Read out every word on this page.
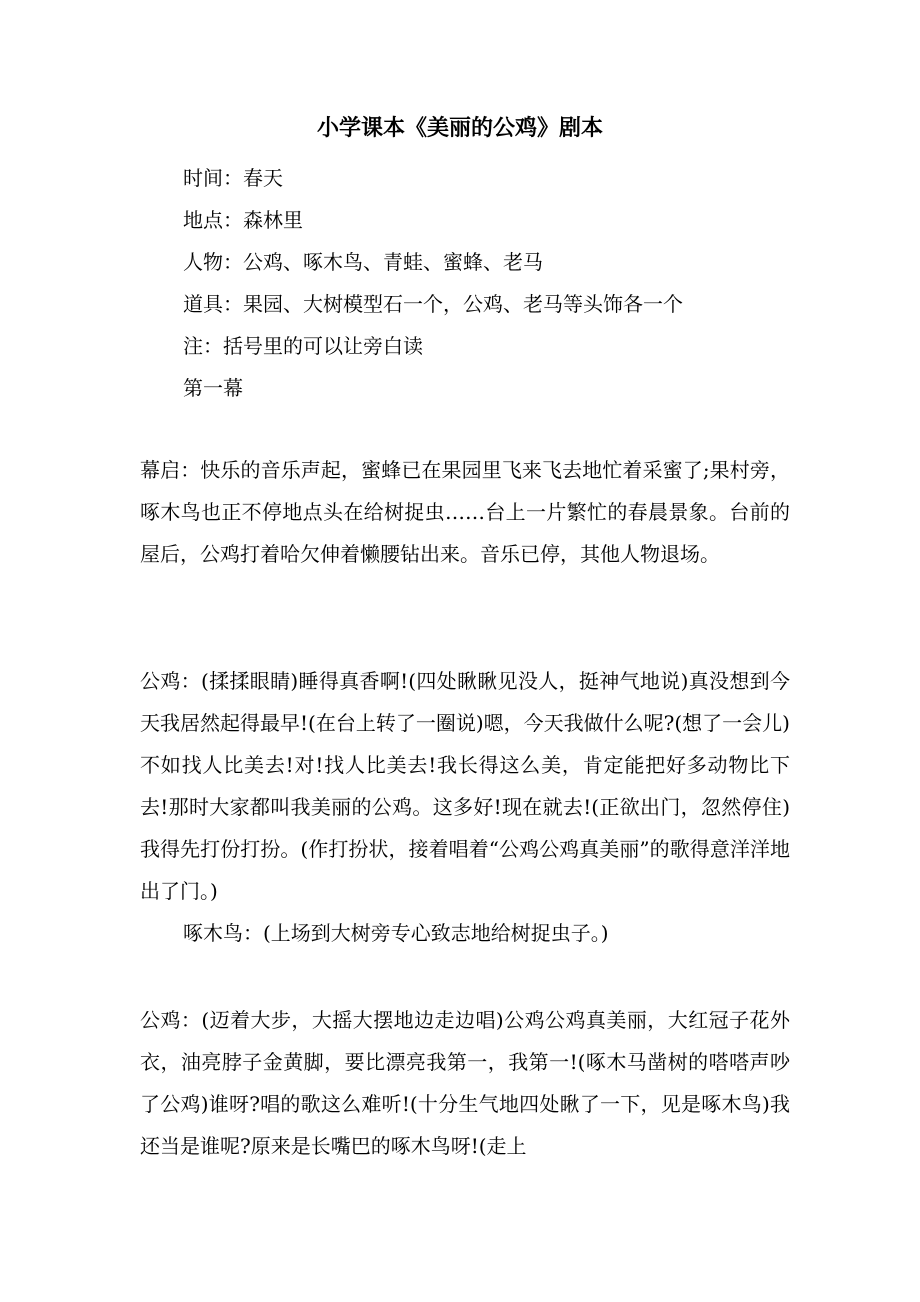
小学课本《美丽的公鸡》剧本
时间：春天
地点：森林里
人物：公鸡、啄木鸟、青蛙、蜜蜂、老马
道具：果园、大树模型石一个，公鸡、老马等头饰各一个
注：括号里的可以让旁白读
第一幕

幕启：快乐的音乐声起，蜜蜂已在果园里飞来飞去地忙着采蜜了;果村旁，啄木鸟也正不停地点头在给树捉虫……台上一片繁忙的春晨景象。台前的屋后，公鸡打着哈欠伸着懒腰钻出来。音乐已停，其他人物退场。

公鸡：(揉揉眼睛)睡得真香啊!(四处瞅瞅见没人，挺神气地说)真没想到今天我居然起得最早!(在台上转了一圈说)嗯，今天我做什么呢?(想了一会儿)不如找人比美去!对!找人比美去!我长得这么美，肯定能把好多动物比下去!那时大家都叫我美丽的公鸡。这多好!现在就去!(正欲出门，忽然停住)我得先打份打扮。(作打扮状，接着唱着“公鸡公鸡真美丽”的歌得意洋洋地出了门。)

啄木鸟：(上场到大树旁专心致志地给树捉虫子。)

公鸡：(迈着大步，大摇大摆地边走边唱)公鸡公鸡真美丽，大红冠子花外衣，油亮脖子金黄脚，要比漂亮我第一，我第一!(啄木马凿树的嗒嗒声吵了公鸡)谁呀?唱的歌这么难听!(十分生气地四处瞅了一下，见是啄木鸟)我还当是谁呢?原来是长嘴巴的啄木鸟呀!(走上
